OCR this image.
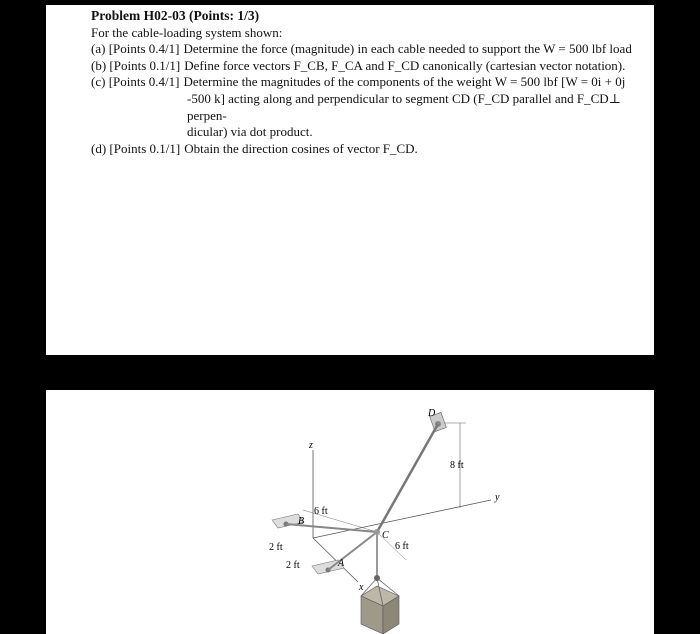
Problem H02-03 (Points: 1/3)
For the cable-loading system shown:
(a) [Points 0.4/1] Determine the force (magnitude) in each cable needed to support the W = 500 lbf load
(b) [Points 0.1/1] Define force vectors F_CB, F_CA and F_CD canonically (cartesian vector notation).
(c) [Points 0.4/1] Determine the magnitudes of the components of the weight W = 500 lbf [W = 0i + 0j
-500 k] acting along and perpendicular to segment CD (F_CD parallel and F_CD⊥ perpen-
dicular) via dot product.
(d) [Points 0.1/1] Obtain the direction cosines of vector F_CD.
8 ft
6 ft
6 ft
2 ft
2 ft
D
B
C
A
z
y
x
